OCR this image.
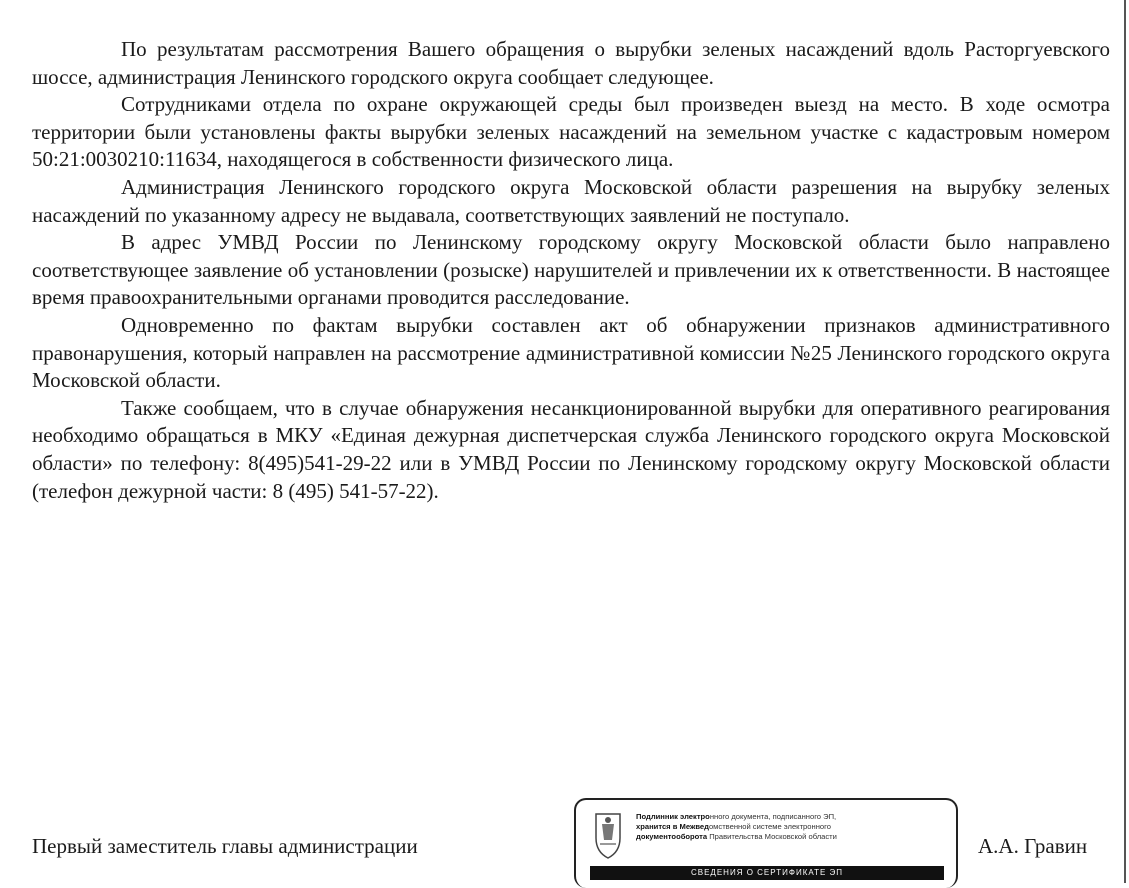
По результатам рассмотрения Вашего обращения о вырубки зеленых насаждений вдоль Расторгуевского шоссе, администрация Ленинского городского округа сообщает следующее.

Сотрудниками отдела по охране окружающей среды был произведен выезд на место. В ходе осмотра территории были установлены факты вырубки зеленых насаждений на земельном участке с кадастровым номером 50:21:0030210:11634, находящегося в собственности физического лица.

Администрация Ленинского городского округа Московской области разрешения на вырубку зеленых насаждений по указанному адресу не выдавала, соответствующих заявлений не поступало.

В адрес УМВД России по Ленинскому городскому округу Московской области было направлено соответствующее заявление об установлении (розыске) нарушителей и привлечении их к ответственности. В настоящее время правоохранительными органами проводится расследование.

Одновременно по фактам вырубки составлен акт об обнаружении признаков административного правонарушения, который направлен на рассмотрение административной комиссии №25 Ленинского городского округа Московской области.

Также сообщаем, что в случае обнаружения несанкционированной вырубки для оперативного реагирования необходимо обращаться в МКУ «Единая дежурная диспетчерская служба Ленинского городского округа Московской области» по телефону: 8(495)541-29-22 или в УМВД России по Ленинскому городскому округу Московской области (телефон дежурной части: 8 (495) 541-57-22).

Первый заместитель главы администрации
Подлинник электронного документа, подписанного ЭП,
хранится в Межведомственной системе электронного
документооборота Правительства Московской области
СВЕДЕНИЯ О СЕРТИФИКАТЕ ЭП
А.А. Гравин
